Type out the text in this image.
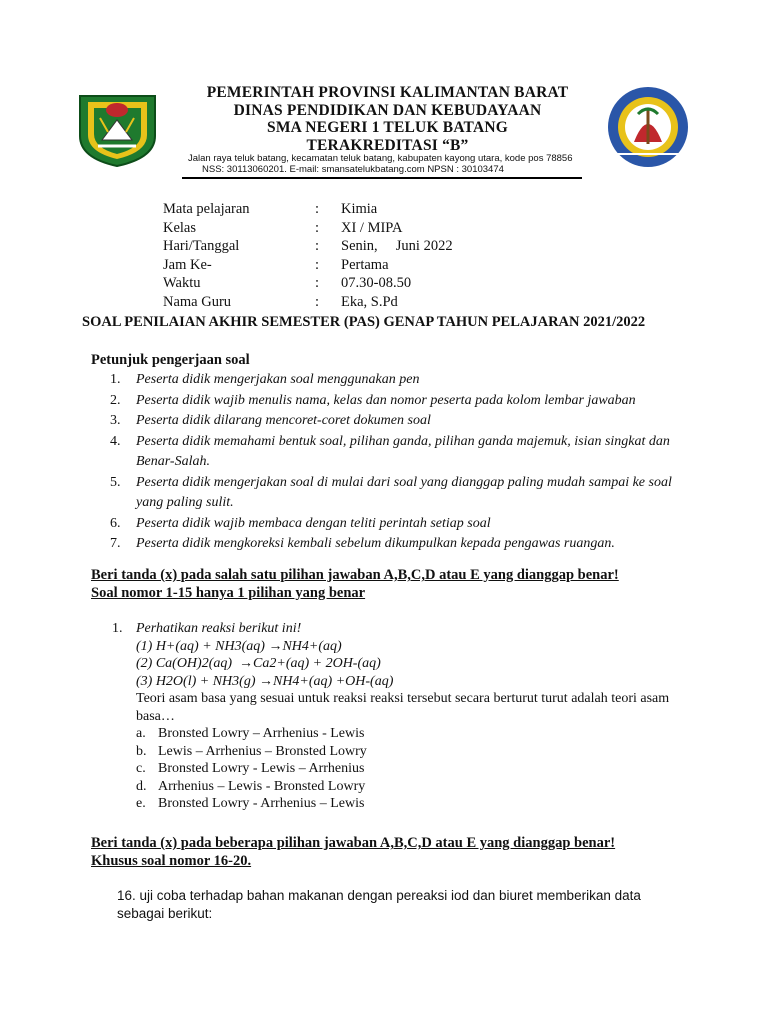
PEMERINTAH PROVINSI KALIMANTAN BARAT
DINAS PENDIDIKAN DAN KEBUDAYAAN
SMA NEGERI 1 TELUK BATANG
TERAKREDITASI “B”
Jalan raya teluk batang, kecamatan teluk batang, kabupaten kayong utara, kode pos 78856
NSS: 30113060201. E-mail: smansatelukbatang.com NPSN : 30103474
Mata pelajaran	: Kimia
Kelas	: XI / MIPA
Hari/Tanggal	: Senin,     Juni 2022
Jam Ke-	: Pertama
Waktu	: 07.30-08.50
Nama Guru	: Eka, S.Pd
SOAL PENILAIAN AKHIR SEMESTER (PAS) GENAP TAHUN PELAJARAN 2021/2022
Petunjuk pengerjaan soal
1. Peserta didik mengerjakan soal menggunakan pen
2. Peserta didik wajib menulis nama, kelas dan nomor peserta pada kolom lembar jawaban
3. Peserta didik dilarang mencoret-coret dokumen soal
4. Peserta didik memahami bentuk soal, pilihan ganda, pilihan ganda majemuk, isian singkat dan Benar-Salah.
5. Peserta didik mengerjakan soal di mulai dari soal yang dianggap paling mudah sampai ke soal yang paling sulit.
6. Peserta didik wajib membaca dengan teliti perintah setiap soal
7. Peserta didik mengkoreksi kembali sebelum dikumpulkan kepada pengawas ruangan.
Beri tanda (x) pada salah satu pilihan jawaban A,B,C,D atau E yang dianggap benar!
Soal nomor 1-15 hanya 1 pilihan yang benar
1. Perhatikan reaksi berikut ini!
(1) H+(aq) + NH3(aq) →NH4+(aq)
(2) Ca(OH)2(aq)  →Ca2+(aq) + 2OH-(aq)
(3) H2O(l) + NH3(g) →NH4+(aq) +OH-(aq)
Teori asam basa yang sesuai untuk reaksi reaksi tersebut secara berturut turut adalah teori asam basa…
a. Bronsted Lowry – Arrhenius - Lewis
b. Lewis – Arrhenius – Bronsted Lowry
c. Bronsted Lowry - Lewis – Arrhenius
d. Arrhenius – Lewis - Bronsted Lowry
e. Bronsted Lowry - Arrhenius – Lewis
Beri tanda (x) pada beberapa pilihan jawaban A,B,C,D atau E yang dianggap benar!
Khusus soal nomor 16-20.
16. uji coba terhadap bahan makanan dengan pereaksi iod dan biuret memberikan data sebagai berikut:
